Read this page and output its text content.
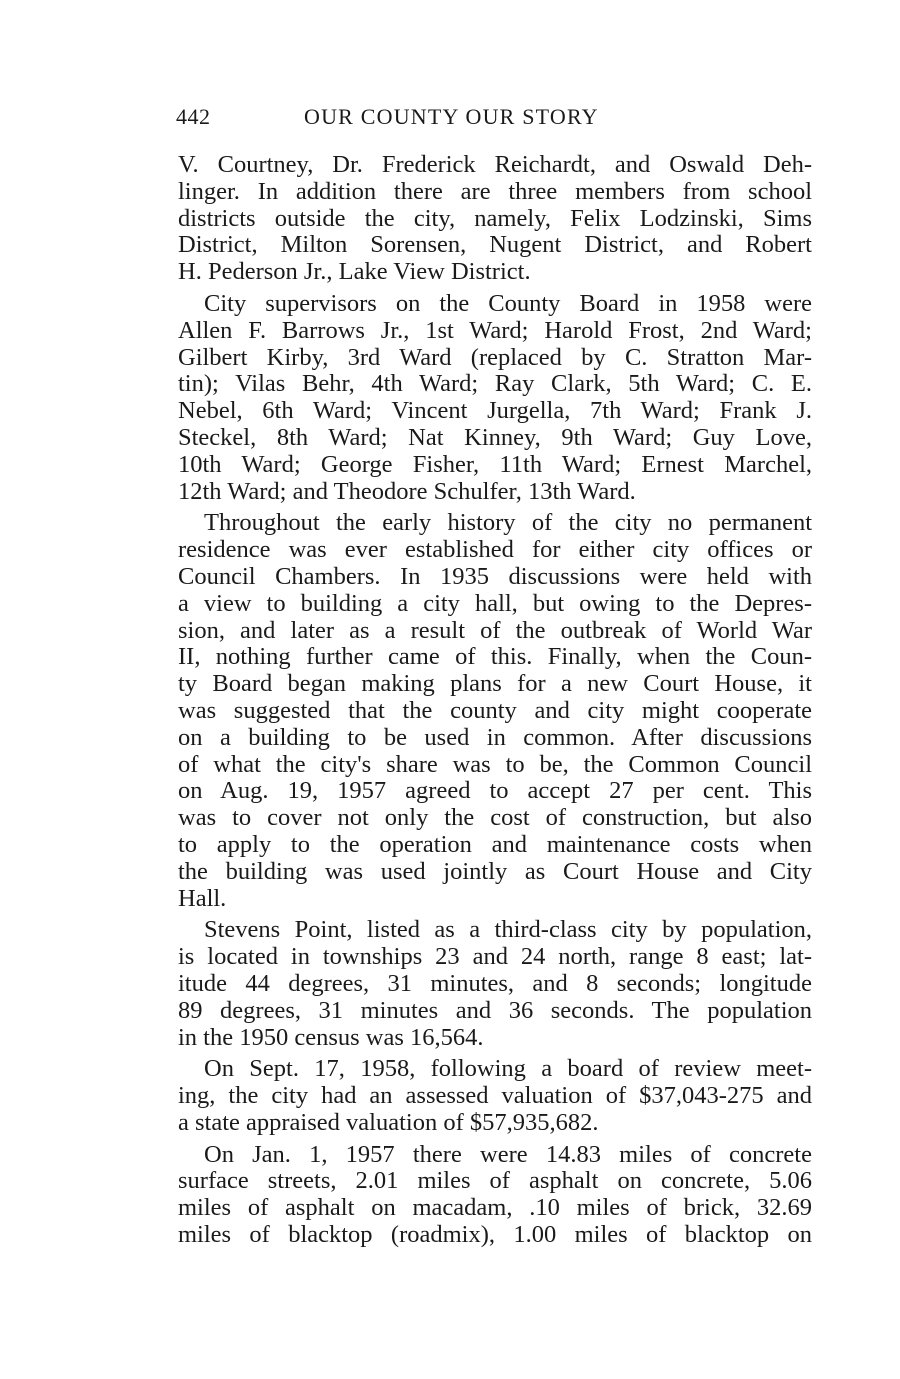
442	OUR COUNTY OUR STORY
V. Courtney, Dr. Frederick Reichardt, and Oswald Deh-
linger. In addition there are three members from school
districts outside the city, namely, Felix Lodzinski, Sims
District, Milton Sorensen, Nugent District, and Robert
H. Pederson Jr., Lake View District.
City supervisors on the County Board in 1958 were
Allen F. Barrows Jr., 1st Ward; Harold Frost, 2nd Ward;
Gilbert Kirby, 3rd Ward (replaced by C. Stratton Mar-
tin); Vilas Behr, 4th Ward; Ray Clark, 5th Ward; C. E.
Nebel, 6th Ward; Vincent Jurgella, 7th Ward; Frank J.
Steckel, 8th Ward; Nat Kinney, 9th Ward; Guy Love,
10th Ward; George Fisher, 11th Ward; Ernest Marchel,
12th Ward; and Theodore Schulfer, 13th Ward.
Throughout the early history of the city no permanent
residence was ever established for either city offices or
Council Chambers. In 1935 discussions were held with
a view to building a city hall, but owing to the Depres-
sion, and later as a result of the outbreak of World War
II, nothing further came of this. Finally, when the Coun-
ty Board began making plans for a new Court House, it
was suggested that the county and city might cooperate
on a building to be used in common. After discussions
of what the city's share was to be, the Common Council
on Aug. 19, 1957 agreed to accept 27 per cent. This
was to cover not only the cost of construction, but also
to apply to the operation and maintenance costs when
the building was used jointly as Court House and City
Hall.
Stevens Point, listed as a third-class city by population,
is located in townships 23 and 24 north, range 8 east; lat-
itude 44 degrees, 31 minutes, and 8 seconds; longitude
89 degrees, 31 minutes and 36 seconds. The population
in the 1950 census was 16,564.
On Sept. 17, 1958, following a board of review meet-
ing, the city had an assessed valuation of $37,043-275 and
a state appraised valuation of $57,935,682.
On Jan. 1, 1957 there were 14.83 miles of concrete
surface streets, 2.01 miles of asphalt on concrete, 5.06
miles of asphalt on macadam, .10 miles of brick, 32.69
miles of blacktop (roadmix), 1.00 miles of blacktop on
